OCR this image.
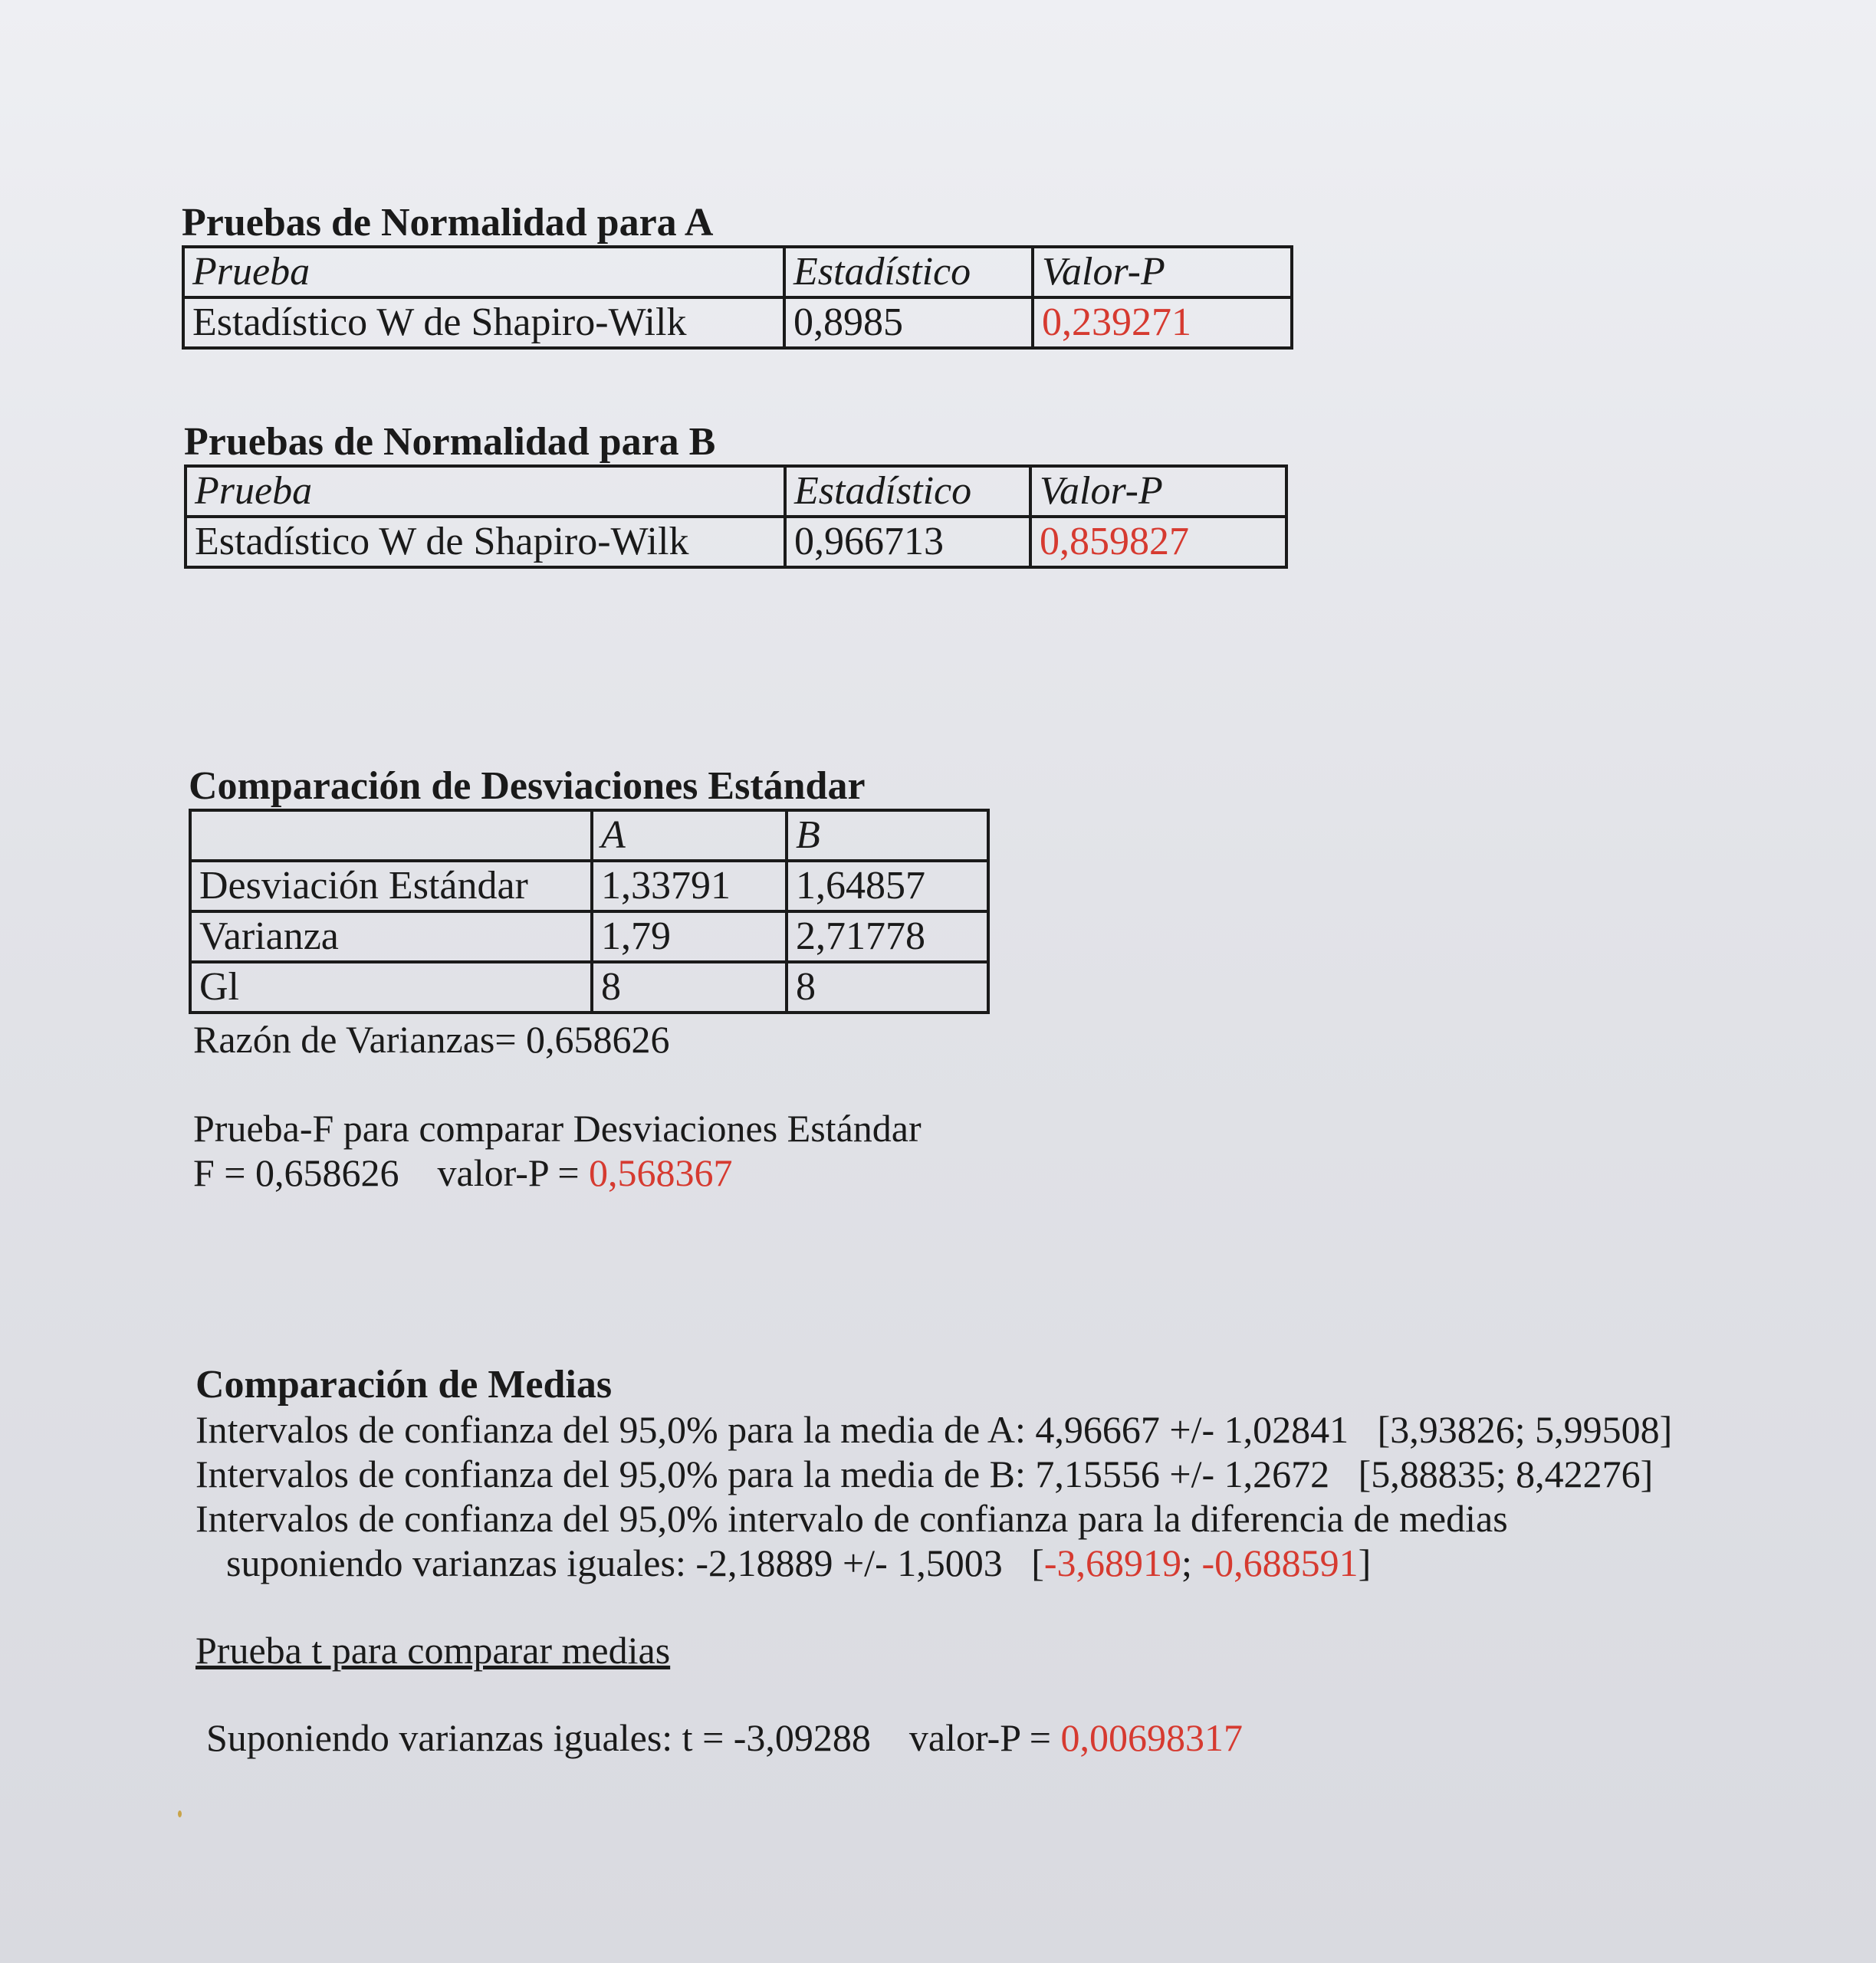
Pruebas de Normalidad para A

Prueba	Estadístico	Valor-P
Estadístico W de Shapiro-Wilk	0,8985	0,239271

Pruebas de Normalidad para B

Prueba	Estadístico	Valor-P
Estadístico W de Shapiro-Wilk	0,966713	0,859827

Comparación de Desviaciones Estándar

	A	B
Desviación Estándar	1,33791	1,64857
Varianza	1,79	2,71778
Gl	8	8

Razón de Varianzas= 0,658626

Prueba-F para comparar Desviaciones Estándar

F = 0,658626    valor-P = 0,568367

Comparación de Medias

Intervalos de confianza del 95,0% para la media de A: 4,96667 +/- 1,02841   [3,93826; 5,99508]

Intervalos de confianza del 95,0% para la media de B: 7,15556 +/- 1,2672   [5,88835; 8,42276]

Intervalos de confianza del 95,0% intervalo de confianza para la diferencia de medias

suponiendo varianzas iguales: -2,18889 +/- 1,5003   [-3,68919; -0,688591]

Prueba t para comparar medias

Suponiendo varianzas iguales: t = -3,09288    valor-P = 0,00698317
